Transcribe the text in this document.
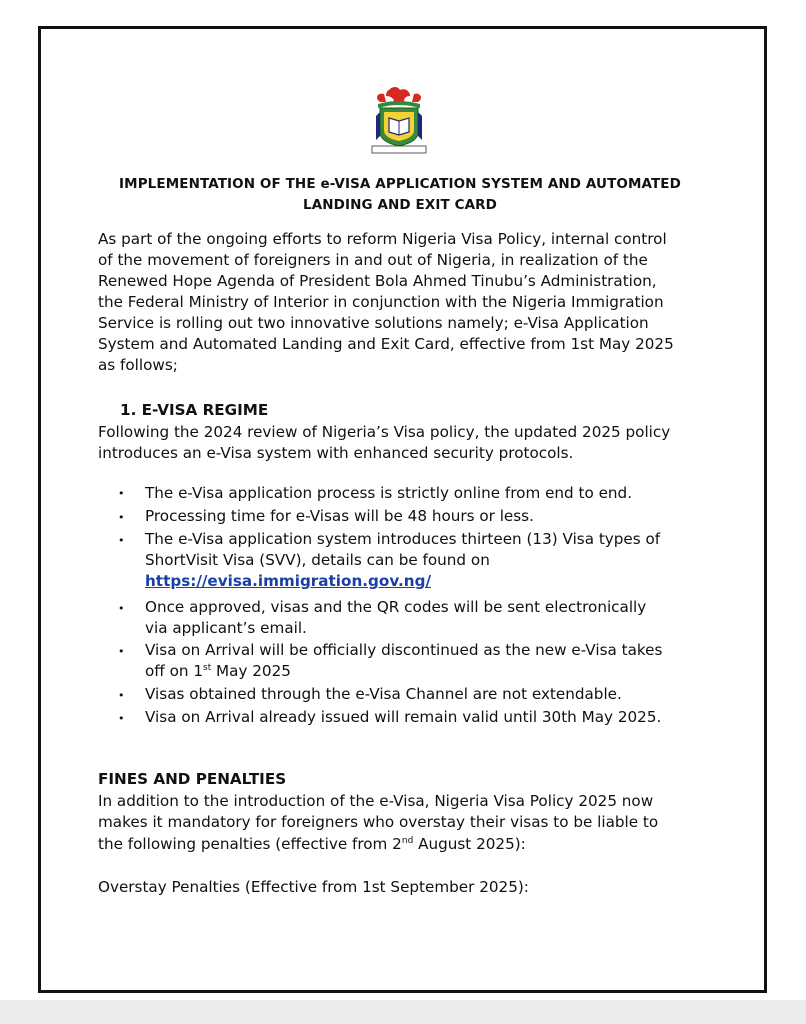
IMPLEMENTATION OF THE e-VISA APPLICATION SYSTEM AND AUTOMATED
LANDING AND EXIT CARD
As part of the ongoing efforts to reform Nigeria Visa Policy, internal control
of the movement of foreigners in and out of Nigeria, in realization of the
Renewed Hope Agenda of President Bola Ahmed Tinubu’s Administration,
the Federal Ministry of Interior in conjunction with the Nigeria Immigration
Service is rolling out two innovative solutions namely; e-Visa Application
System and Automated Landing and Exit Card, effective from 1st May 2025
as follows;
1. E-VISA REGIME
Following the 2024 review of Nigeria’s Visa policy, the updated 2025 policy
introduces an e-Visa system with enhanced security protocols.
• The e-Visa application process is strictly online from end to end.
• Processing time for e-Visas will be 48 hours or less.
• The e-Visa application system introduces thirteen (13) Visa types of
ShortVisit Visa (SVV), details can be found on
https://evisa.immigration.gov.ng/
• Once approved, visas and the QR codes will be sent electronically
via applicant’s email.
• Visa on Arrival will be officially discontinued as the new e-Visa takes
off on 1st May 2025
• Visas obtained through the e-Visa Channel are not extendable.
• Visa on Arrival already issued will remain valid until 30th May 2025.
FINES AND PENALTIES
In addition to the introduction of the e-Visa, Nigeria Visa Policy 2025 now
makes it mandatory for foreigners who overstay their visas to be liable to
the following penalties (effective from 2nd August 2025):
Overstay Penalties (Effective from 1st September 2025):
